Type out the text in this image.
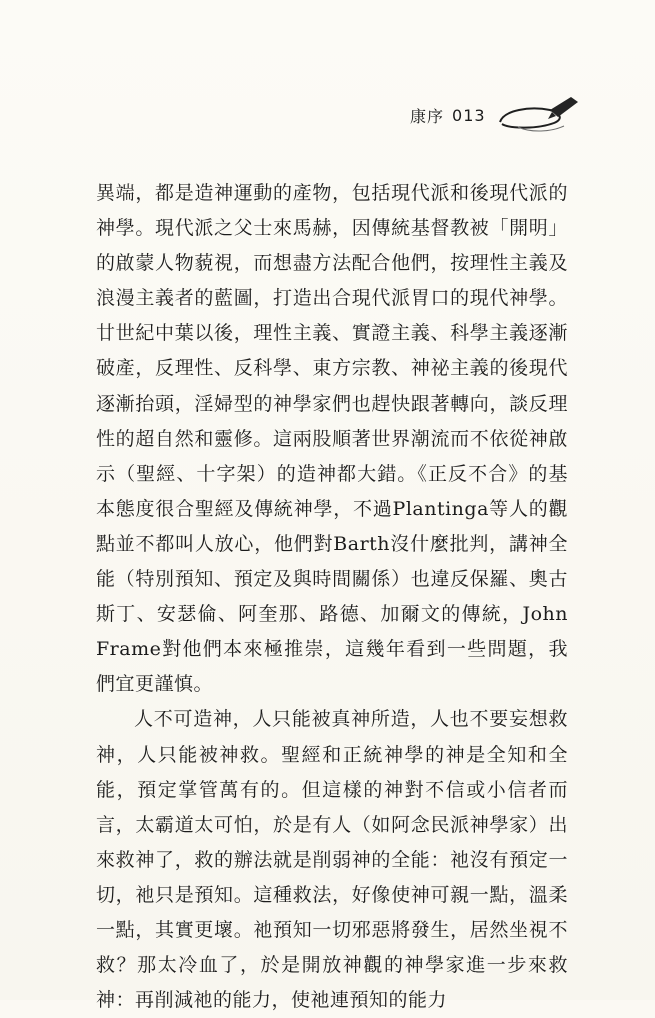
康序 013

異端，都是造神運動的產物，包括現代派和後現代派的神學。現代派之父士來馬赫，因傳統基督教被「開明」的啟蒙人物藐視，而想盡方法配合他們，按理性主義及浪漫主義者的藍圖，打造出合現代派胃口的現代神學。廿世紀中葉以後，理性主義、實證主義、科學主義逐漸破產，反理性、反科學、東方宗教、神祕主義的後現代逐漸抬頭，淫婦型的神學家們也趕快跟著轉向，談反理性的超自然和靈修。這兩股順著世界潮流而不依從神啟示（聖經、十字架）的造神都大錯。《正反不合》的基本態度很合聖經及傳統神學，不過Plantinga等人的觀點並不都叫人放心，他們對Barth沒什麼批判，講神全能（特別預知、預定及與時間關係）也違反保羅、奧古斯丁、安瑟倫、阿奎那、路德、加爾文的傳統，John Frame對他們本來極推崇，這幾年看到一些問題，我們宜更謹慎。

人不可造神，人只能被真神所造，人也不要妄想救神，人只能被神救。聖經和正統神學的神是全知和全能，預定掌管萬有的。但這樣的神對不信或小信者而言，太霸道太可怕，於是有人（如阿念民派神學家）出來救神了，救的辦法就是削弱神的全能：祂沒有預定一切，祂只是預知。這種救法，好像使神可親一點，溫柔一點，其實更壞。祂預知一切邪惡將發生，居然坐視不救？那太冷血了，於是開放神觀的神學家進一步來救神：再削減祂的能力，使祂連預知的能力
